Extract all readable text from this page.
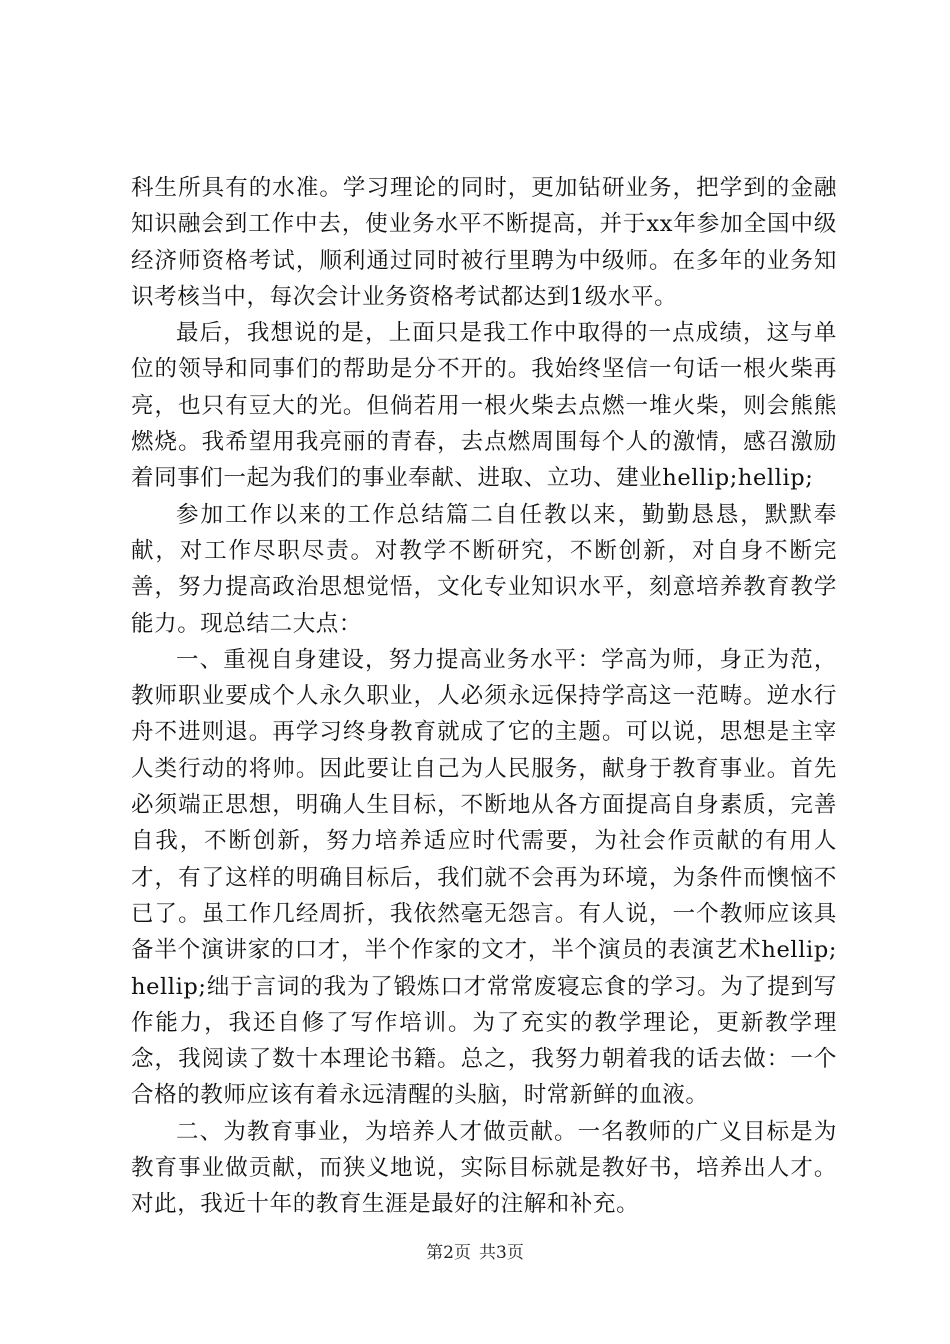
科生所具有的水准。学习理论的同时，更加钻研业务，把学到的金融知识融会到工作中去，使业务水平不断提高，并于xx年参加全国中级经济师资格考试，顺利通过同时被行里聘为中级师。在多年的业务知识考核当中，每次会计业务资格考试都达到1级水平。

最后，我想说的是，上面只是我工作中取得的一点成绩，这与单位的领导和同事们的帮助是分不开的。我始终坚信一句话一根火柴再亮，也只有豆大的光。但倘若用一根火柴去点燃一堆火柴，则会熊熊燃烧。我希望用我亮丽的青春，去点燃周围每个人的激情，感召激励着同事们一起为我们的事业奉献、进取、立功、建业hellip;hellip;

参加工作以来的工作总结篇二自任教以来，勤勤恳恳，默默奉献，对工作尽职尽责。对教学不断研究，不断创新，对自身不断完善，努力提高政治思想觉悟，文化专业知识水平，刻意培养教育教学能力。现总结二大点：

一、重视自身建设，努力提高业务水平：学高为师，身正为范，教师职业要成个人永久职业，人必须永远保持学高这一范畴。逆水行舟不进则退。再学习终身教育就成了它的主题。可以说，思想是主宰人类行动的将帅。因此要让自己为人民服务，献身于教育事业。首先必须端正思想，明确人生目标，不断地从各方面提高自身素质，完善自我，不断创新，努力培养适应时代需要，为社会作贡献的有用人才，有了这样的明确目标后，我们就不会再为环境，为条件而懊恼不已了。虽工作几经周折，我依然毫无怨言。有人说，一个教师应该具备半个演讲家的口才，半个作家的文才，半个演员的表演艺术hellip;hellip;绌于言词的我为了锻炼口才常常废寝忘食的学习。为了提到写作能力，我还自修了写作培训。为了充实的教学理论，更新教学理念，我阅读了数十本理论书籍。总之，我努力朝着我的话去做：一个合格的教师应该有着永远清醒的头脑，时常新鲜的血液。

二、为教育事业，为培养人才做贡献。一名教师的广义目标是为教育事业做贡献，而狭义地说，实际目标就是教好书，培养出人才。对此，我近十年的教育生涯是最好的注解和补充。

第2页 共3页
